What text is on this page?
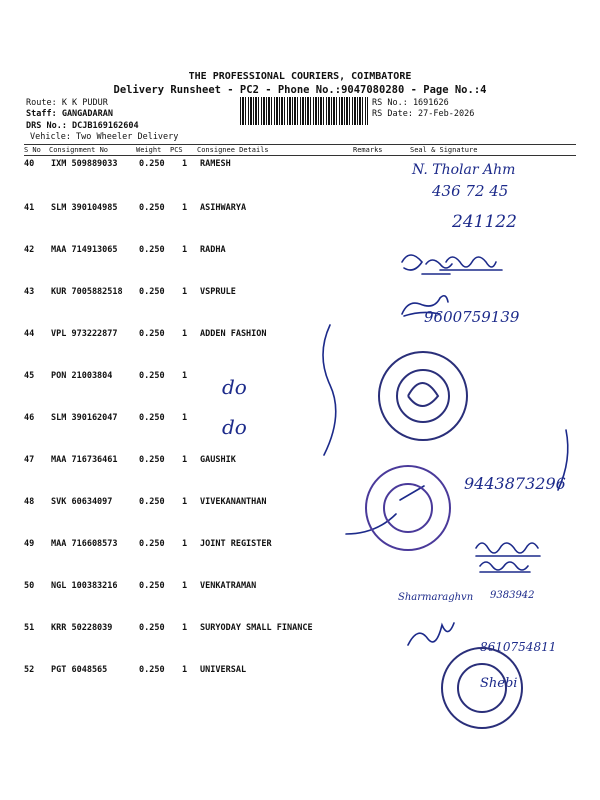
THE PROFESSIONAL COURIERS, COIMBATORE
Delivery Runsheet - PC2 - Phone No.:9047080280 - Page No.:4
Route: K K PUDUR
Staff: GANGADARAN
DRS No.: DCJB169162604
Vehicle: Two Wheeler Delivery
RS No.: 1691626
RS Date: 27-Feb-2026
S No Consignment No	Weight PCS Consignee Details	Remarks	Seal & Signature
40 IXM 509889033	0.250 1 RAMESH
41 SLM 390104985	0.250 1 ASIHWARYA
42 MAA 714913065	0.250 1 RADHA
43 KUR 7005882518 0.250 1 VSPRULE
44 VPL 973222877	0.250 1 ADDEN FASHION
45 PON 21003804	0.250 1
46 SLM 390162047	0.250 1
47 MAA 716736461	0.250 1 GAUSHIK
48 SVK 60634097	0.250 1 VIVEKANANTHAN
49 MAA 716608573	0.250 1 JOINT REGISTER
50 NGL 100383216	0.250 1 VENKATRAMAN
51 KRR 50228039	0.250 1 SURYODAY SMALL FINANCE
52 PGT 6048565	0.250 1 UNIVERSAL
do
do
N. Tholar Ahm
436 72 45
241122
9600759139
9443873296
Sharmaraghvn 9383942
8610754811
Shebi
